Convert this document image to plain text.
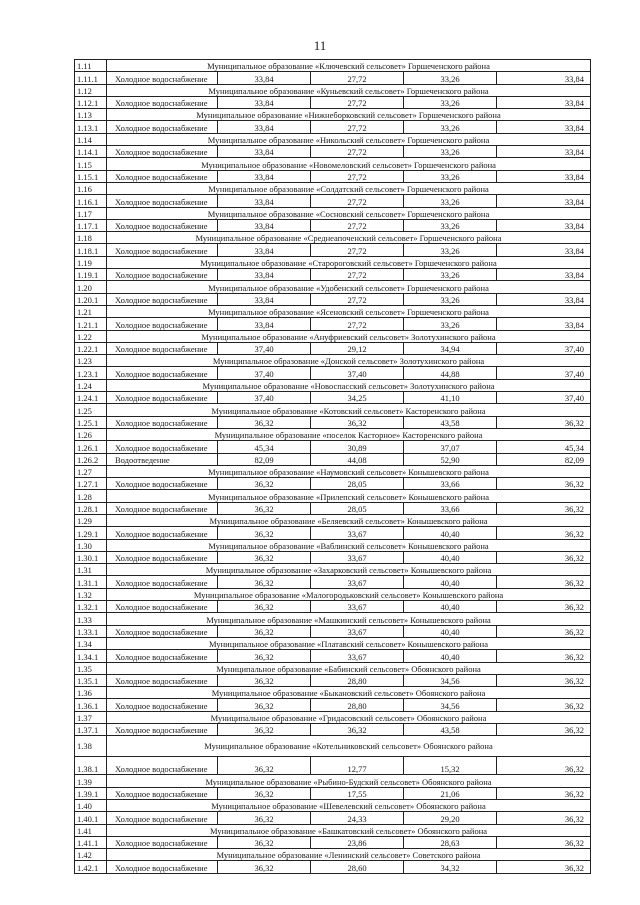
11
1.11	Муниципальное образование «Ключевский сельсовет» Горшеченского района				
1.11.1	Холодное водоснабжение	33,84	27,72	33,26	33,84
1.12	Муниципальное образование «Куньевский сельсовет» Горшеченского района				
1.12.1	Холодное водоснабжение	33,84	27,72	33,26	33,84
1.13	Муниципальное образование «Нижнеборковский сельсовет» Горшеченского района				
1.13.1	Холодное водоснабжение	33,84	27,72	33,26	33,84
1.14	Муниципальное образование «Никольский сельсовет» Горшеченского района				
1.14.1	Холодное водоснабжение	33,84	27,72	33,26	33,84
1.15	Муниципальное образование «Новомеловский сельсовет» Горшеченского района				
1.15.1	Холодное водоснабжение	33,84	27,72	33,26	33,84
1.16	Муниципальное образование «Солдатский сельсовет» Горшеченского района				
1.16.1	Холодное водоснабжение	33,84	27,72	33,26	33,84
1.17	Муниципальное образование «Сосновский сельсовет» Горшеченского района				
1.17.1	Холодное водоснабжение	33,84	27,72	33,26	33,84
1.18	Муниципальное образование «Среднеапоченский сельсовет» Горшеченского района				
1.18.1	Холодное водоснабжение	33,84	27,72	33,26	33,84
1.19	Муниципальное образование «Старороговский сельсовет» Горшеченского района				
1.19.1	Холодное водоснабжение	33,84	27,72	33,26	33,84
1.20	Муниципальное образование «Удобенский сельсовет» Горшеченского района				
1.20.1	Холодное водоснабжение	33,84	27,72	33,26	33,84
1.21	Муниципальное образование «Ясеновский сельсовет» Горшеченского района				
1.21.1	Холодное водоснабжение	33,84	27,72	33,26	33,84
1.22	Муниципальное образование «Ануфриевский сельсовет» Золотухинского района				
1.22.1	Холодное водоснабжение	37,40	29,12	34,94	37,40
1.23	Муниципальное образование «Донской сельсовет» Золотухинского района				
1.23.1	Холодное водоснабжение	37,40	37,40	44,88	37,40
1.24	Муниципальное образование «Новоспасский сельсовет» Золотухинского района				
1.24.1	Холодное водоснабжение	37,40	34,25	41,10	37,40
1.25	Муниципальное образование «Котовский сельсовет» Касторенского района				
1.25.1	Холодное водоснабжение	36,32	36,32	43,58	36,32
1.26	Муниципальное образование «поселок Касторное» Касторенского района				
1.26.1	Холодное водоснабжение	45,34	30,89	37,07	45,34
1.26.2	Водоотведение	82,09	44,08	52,90	82,09
1.27	Муниципальное образование «Наумовский сельсовет» Конышевского района				
1.27.1	Холодное водоснабжение	36,32	28,05	33,66	36,32
1.28	Муниципальное образование «Прилепский сельсовет» Конышевского района				
1.28.1	Холодное водоснабжение	36,32	28,05	33,66	36,32
1.29	Муниципальное образование «Беляевский сельсовет» Конышевского района				
1.29.1	Холодное водоснабжение	36,32	33,67	40,40	36,32
1.30	Муниципальное образование «Ваблинский сельсовет» Конышевского района				
1.30.1	Холодное водоснабжение	36,32	33,67	40,40	36,32
1.31	Муниципальное образование «Захарковский сельсовет» Конышевского района				
1.31.1	Холодное водоснабжение	36,32	33,67	40,40	36,32
1.32	Муниципальное образование «Малогородьковский сельсовет» Конышевского района				
1.32.1	Холодное водоснабжение	36,32	33,67	40,40	36,32
1.33	Муниципальное образование «Машкинский сельсовет» Конышевского района				
1.33.1	Холодное водоснабжение	36,32	33,67	40,40	36,32
1.34	Муниципальное образование «Платавский сельсовет» Конышевского района				
1.34.1	Холодное водоснабжение	36,32	33,67	40,40	36,32
1.35	Муниципальное образование «Бабинский сельсовет» Обоянского района				
1.35.1	Холодное водоснабжение	36,32	28,80	34,56	36,32
1.36	Муниципальное образование «Быкановский сельсовет» Обоянского района				
1.36.1	Холодное водоснабжение	36,32	28,80	34,56	36,32
1.37	Муниципальное образование «Гридасовский сельсовет» Обоянского района				
1.37.1	Холодное водоснабжение	36,32	36,32	43,58	36,32
1.38	Муниципальное образование «Котельниковский сельсовет» Обоянского района				
1.38.1	Холодное водоснабжение	36,32	12,77	15,32	36,32
1.39	Муниципальное образование «Рыбино-Будский сельсовет» Обоянского района				
1.39.1	Холодное водоснабжение	36,32	17,55	21,06	36,32
1.40	Муниципальное образование «Шевелевский сельсовет» Обоянского района				
1.40.1	Холодное водоснабжение	36,32	24,33	29,20	36,32
1.41	Муниципальное образование «Башкатовский сельсовет» Обоянского района				
1.41.1	Холодное водоснабжение	36,32	23,86	28,63	36,32
1.42	Муниципальное образование «Ленинский сельсовет» Советского района				
1.42.1	Холодное водоснабжение	36,32	28,60	34,32	36,32
